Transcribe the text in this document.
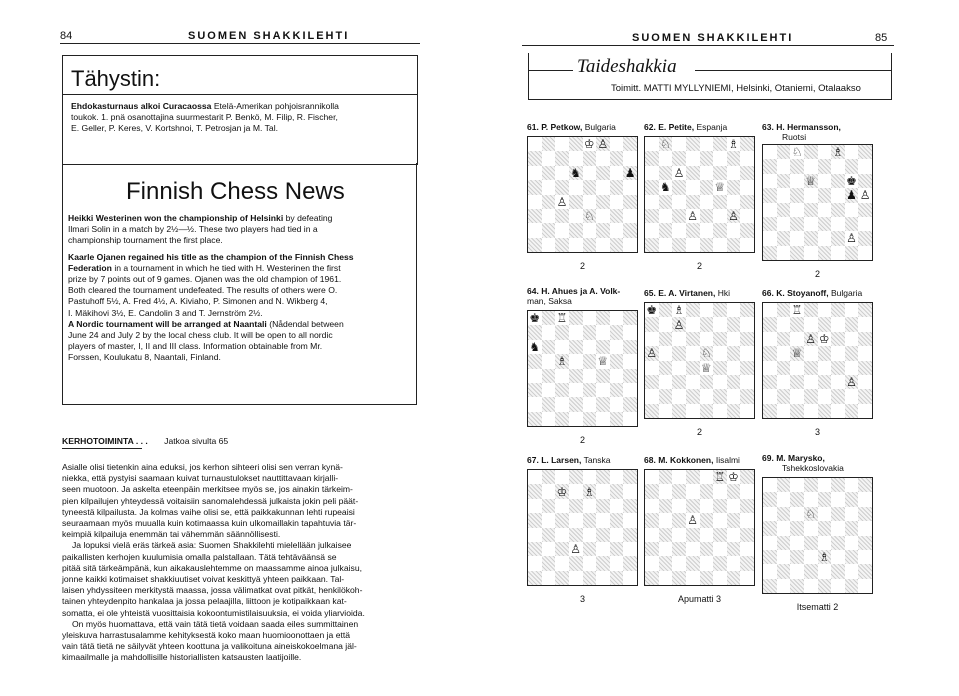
84	SUOMEN SHAKKILEHTI
Tähystin:
Ehdokasturnaus alkoi Curacaossa Etelä-Amerikan pohjoisrannikolla
toukok. 1. pnä osanottajina suurmestarit P. Benkö, M. Filip, R. Fischer,
E. Geller, P. Keres, V. Kortshnoi, T. Petrosjan ja M. Tal.
Finnish Chess News
Heikki Westerinen won the championship of Helsinki by defeating
Ilmari Solin in a match by 2½—½. These two players had tied in a
championship tournament the first place.
Kaarle Ojanen regained his title as the champion of the Finnish Chess
Federation in a tournament in which he tied with H. Westerinen the first
prize by 7 points out of 9 games. Ojanen was the old champion of 1961.
Both cleared the tournament undefeated. The results of others were O.
Pastuhoff 5½, A. Fred 4½, A. Kiviaho, P. Simonen and N. Wikberg 4,
I. Mäkihovi 3½, E. Candolin 3 and T. Jernström 2½.
A Nordic tournament will be arranged at Naantali (Nådendal between
June 24 and July 2 by the local chess club. It will be open to all nordic
players of master, I, II and III class. Information obtainable from Mr.
Forssen, Koulukatu 8, Naantali, Finland.
KERHOTOIMINTA . . . Jatkoa sivulta 65
Asialle olisi tietenkin aina eduksi, jos kerhon sihteeri olisi sen verran kynä-
niekka, että pystyisi saamaan kuivat turnaustulokset nauttittavaan kirjalli-
seen muotoon. Ja askelta eteenpäin merkitsee myös se, jos ainakin tärkeim-
pien kilpailujen yhteydessä voitaisiin sanomalehdessä julkaista jokin peli päät-
tyneestä kilpailusta. Ja kolmas vaihe olisi se, että paikkakunnan lehti rupeaisi
seuraamaan myös muualla kuin kotimaassa kuin ulkomaillakin tapahtuvia tär-
keimpiä kilpailuja enemmän tai vähemmän säännöllisesti.
Ja lopuksi vielä eräs tärkeä asia: Suomen Shakkilehti mielellään julkaisee
paikallisten kerhojen kuulumisia omalla palstallaan. Tätä tehtäväänsä se
pitää sitä tärkeämpänä, kun aikakauslehtemme on maassamme ainoa julkaisu,
jonne kaikki kotimaiset shakkiuutiset voivat keskittyä yhteen paikkaan. Tal-
laisen yhdyssiteen merkitystä maassa, jossa välimatkat ovat pitkät, henkilökoh-
tainen yhteydenpito hankalaa ja jossa pelaajilla, liittoon je kotipaikkaan kat-
somatta, ei ole yhteistä vuosittaisia kokoontumistilaisuuksia, ei voida yliarvioida.
On myös huomattava, että vain tätä tietä voidaan saada eiles summittainen
yleiskuva harrastusalamme kehityksestä koko maan huomioonottaen ja että
vain tätä tietä ne säilyvät yhteen koottuna ja valikoituna aineiskokoelmana jäl-
kimaailmalle ja mahdollisille historiallisten katsausten laatijoille.
SUOMEN SHAKKILEHTI	85
Taideshakkia
Toimitt. MATTI MYLLYNIEMI, Helsinki, Otaniemi, Otalaakso
61. P. Petkow, Bulgaria
♔ ♙
♞	♟
♙
♘
2
62. E. Petite, Espanja
♘	♗
♙
♞	♕
♙	♙
2
63. H. Hermansson,
Ruotsi
♘	♗
♕	♚
♟ ♙
♙
2
64. H. Ahues ja A. Volk-
man, Saksa
♚ ♖
♞
♗	♕
2
65. E. A. Virtanen, Hki
♚ ♗
♙
♙	♘
♕
2
66. K. Stoyanoff, Bulgaria
♖
♙ ♔
♕
♙
3
67. L. Larsen, Tanska
♔ ♗
♙
3
68. M. Kokkonen, Iisalmi
♖ ♔
♙
Apumatti 3
69. M. Marysko,
Tshekkoslovakia
♘
♗
Itsematti 2
